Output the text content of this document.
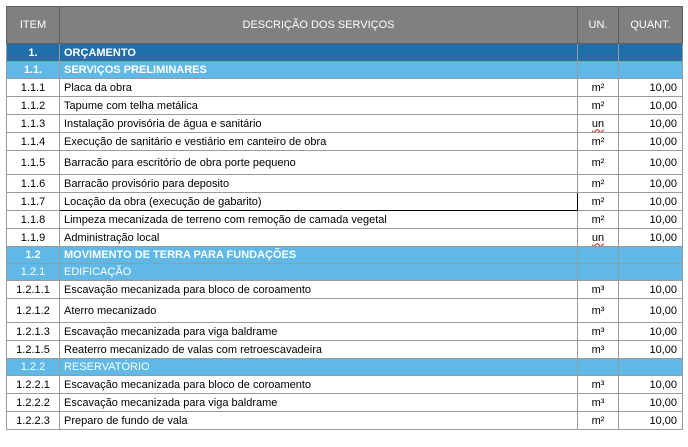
ITEM	DESCRIÇÃO DOS SERVIÇOS	UN.	QUANT.
1.	ORÇAMENTO		
1.1.	SERVIÇOS PRELIMINARES		
1.1.1	Placa da obra	m²	10,00
1.1.2	Tapume com telha metálica	m²	10,00
1.1.3	Instalação provisória de água e sanitário	un	10,00
1.1.4	Execução de sanitário e vestiário em canteiro de obra	m²	10,00
1.1.5	Barracão para escritório de obra porte pequeno	m²	10,00
1.1.6	Barracão provisório para deposito	m²	10,00
1.1.7	Locação da obra (execução de gabarito)	m²	10,00
1.1.8	Limpeza mecanizada de terreno com remoção de camada vegetal	m²	10,00
1.1.9	Administração local	un	10,00
1.2	MOVIMENTO DE TERRA PARA FUNDAÇÕES		
1.2.1	EDIFICAÇÃO		
1.2.1.1	Escavação mecanizada para bloco de coroamento	m³	10,00
1.2.1.2	Aterro mecanizado	m³	10,00
1.2.1.3	Escavação mecanizada para viga baldrame	m³	10,00
1.2.1.5	Reaterro mecanizado de valas com retroescavadeira	m³	10,00
1.2.2	RESERVATÓRIO		
1.2.2.1	Escavação mecanizada para bloco de coroamento	m³	10,00
1.2.2.2	Escavação mecanizada para viga baldrame	m³	10,00
1.2.2.3	Preparo de fundo de vala	m²	10,00
